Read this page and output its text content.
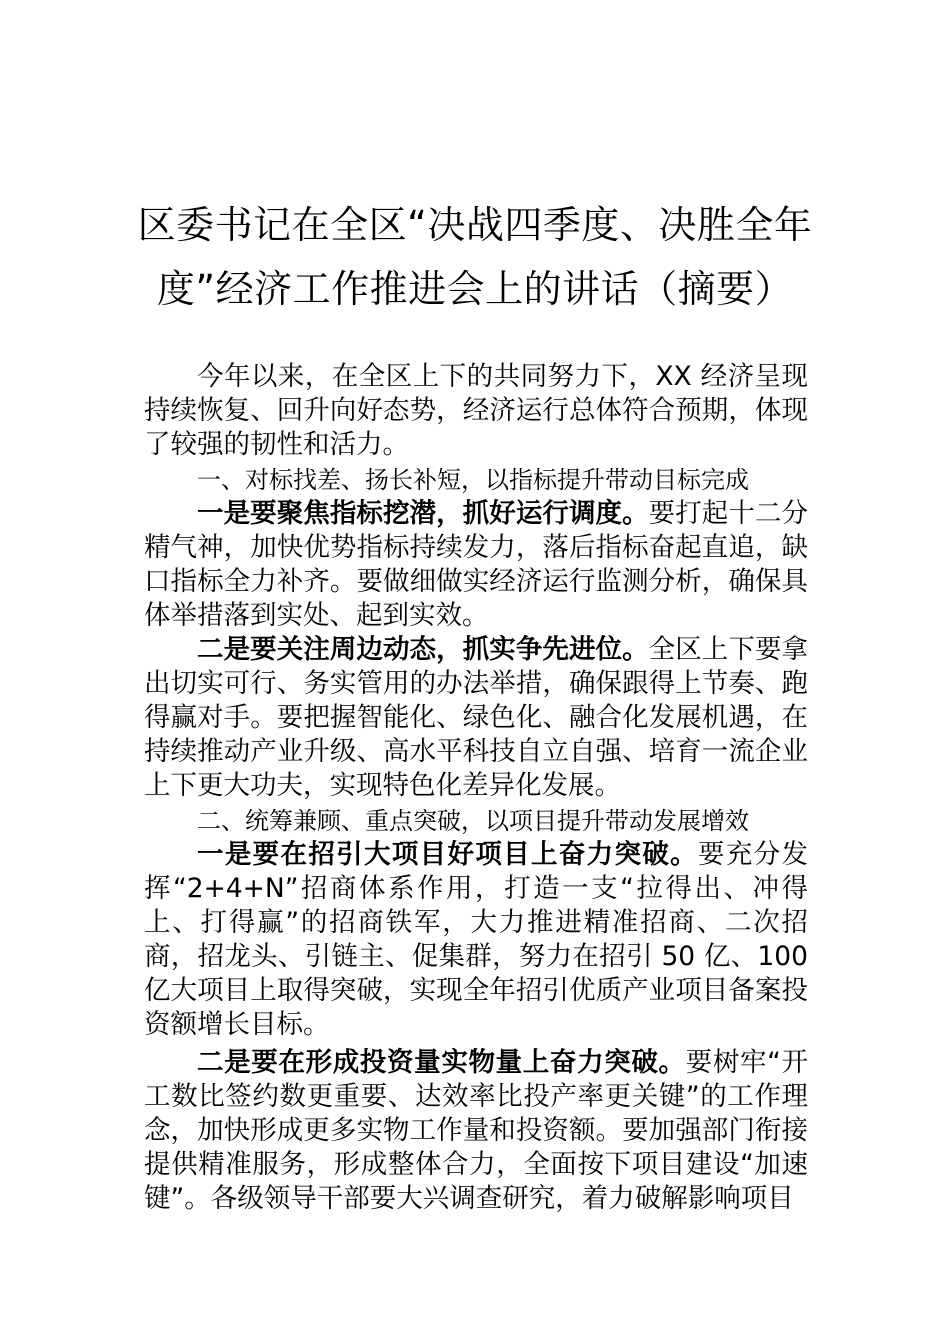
区委书记在全区“决战四季度、决胜全年
度”经济工作推进会上的讲话（摘要）

今年以来，在全区上下的共同努力下，XX 经济呈现持续恢复、回升向好态势，经济运行总体符合预期，体现了较强的韧性和活力。

一、对标找差、扬长补短，以指标提升带动目标完成

一是要聚焦指标挖潜，抓好运行调度。要打起十二分精气神，加快优势指标持续发力，落后指标奋起直追，缺口指标全力补齐。要做细做实经济运行监测分析，确保具体举措落到实处、起到实效。

二是要关注周边动态，抓实争先进位。全区上下要拿出切实可行、务实管用的办法举措，确保跟得上节奏、跑得赢对手。要把握智能化、绿色化、融合化发展机遇，在持续推动产业升级、高水平科技自立自强、培育一流企业上下更大功夫，实现特色化差异化发展。

二、统筹兼顾、重点突破，以项目提升带动发展增效

一是要在招引大项目好项目上奋力突破。要充分发挥“2+4+N”招商体系作用，打造一支“拉得出、冲得上、打得赢”的招商铁军，大力推进精准招商、二次招商，招龙头、引链主、促集群，努力在招引 50 亿、100 亿大项目上取得突破，实现全年招引优质产业项目备案投资额增长目标。

二是要在形成投资量实物量上奋力突破。要树牢“开工数比签约数更重要、达效率比投产率更关键”的工作理念，加快形成更多实物工作量和投资额。要加强部门衔接提供精准服务，形成整体合力，全面按下项目建设“加速键”。各级领导干部要大兴调查研究，着力破解影响项目
